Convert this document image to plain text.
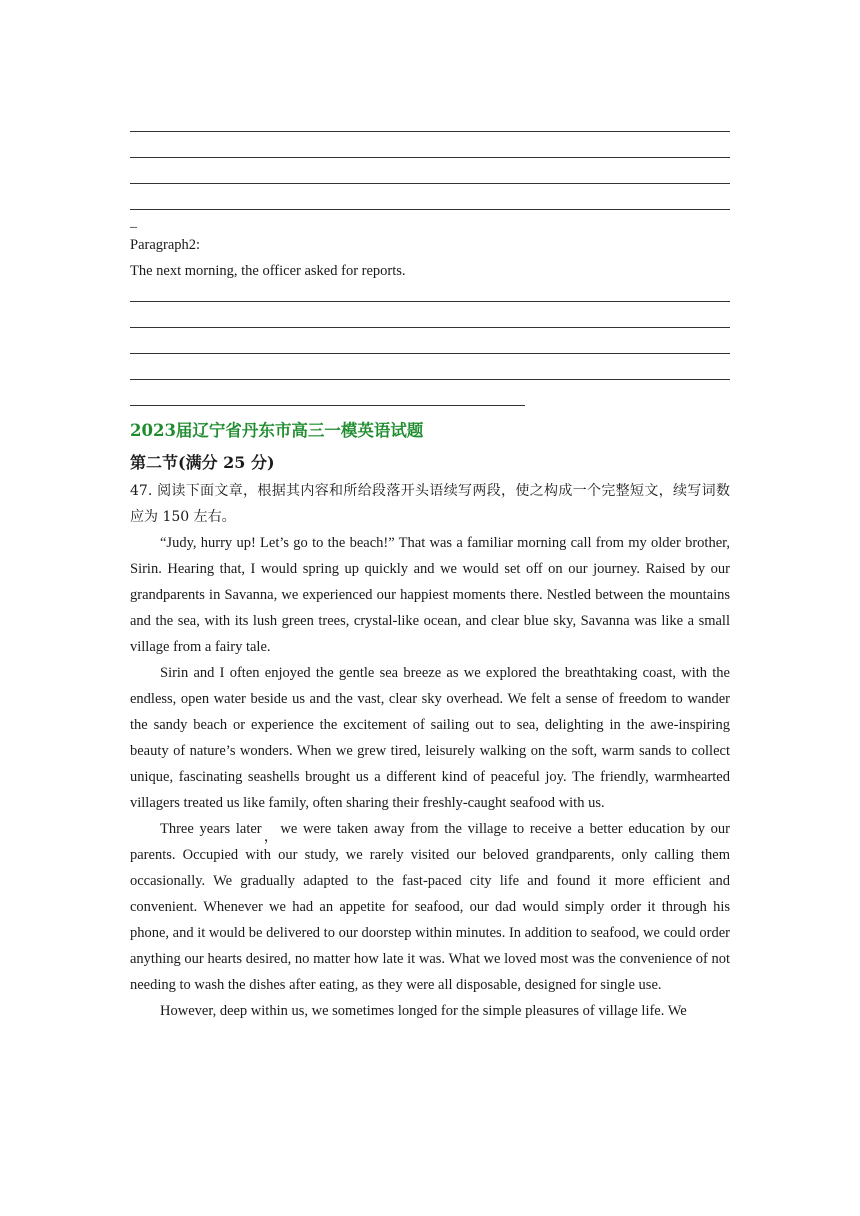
_
Paragraph2:
The next morning, the officer asked for reports.
2023届辽宁省丹东市高三一模英语试题
第二节(满分 25 分)
47. 阅读下面文章，根据其内容和所给段落开头语续写两段，使之构成一个完整短文，续写词数应为 150 左右。

“Judy, hurry up! Let’s go to the beach!” That was a familiar morning call from my older brother, Sirin. Hearing that, I would spring up quickly and we would set off on our journey. Raised by our grandparents in Savanna, we experienced our happiest moments there. Nestled between the mountains and the sea, with its lush green trees, crystal-like ocean, and clear blue sky, Savanna was like a small village from a fairy tale.

Sirin and I often enjoyed the gentle sea breeze as we explored the breathtaking coast, with the endless, open water beside us and the vast, clear sky overhead. We felt a sense of freedom to wander the sandy beach or experience the excitement of sailing out to sea, delighting in the awe-inspiring beauty of nature’s wonders. When we grew tired, leisurely walking on the soft, warm sands to collect unique, fascinating seashells brought us a different kind of peaceful joy. The friendly, warmhearted villagers treated us like family, often sharing their freshly-caught seafood with us.

Three years later，we were taken away from the village to receive a better education by our parents. Occupied with our study, we rarely visited our beloved grandparents, only calling them occasionally. We gradually adapted to the fast-paced city life and found it more efficient and convenient. Whenever we had an appetite for seafood, our dad would simply order it through his phone, and it would be delivered to our doorstep within minutes. In addition to seafood, we could order anything our hearts desired, no matter how late it was. What we loved most was the convenience of not needing to wash the dishes after eating, as they were all disposable, designed for single use.

However, deep within us, we sometimes longed for the simple pleasures of village life. We
